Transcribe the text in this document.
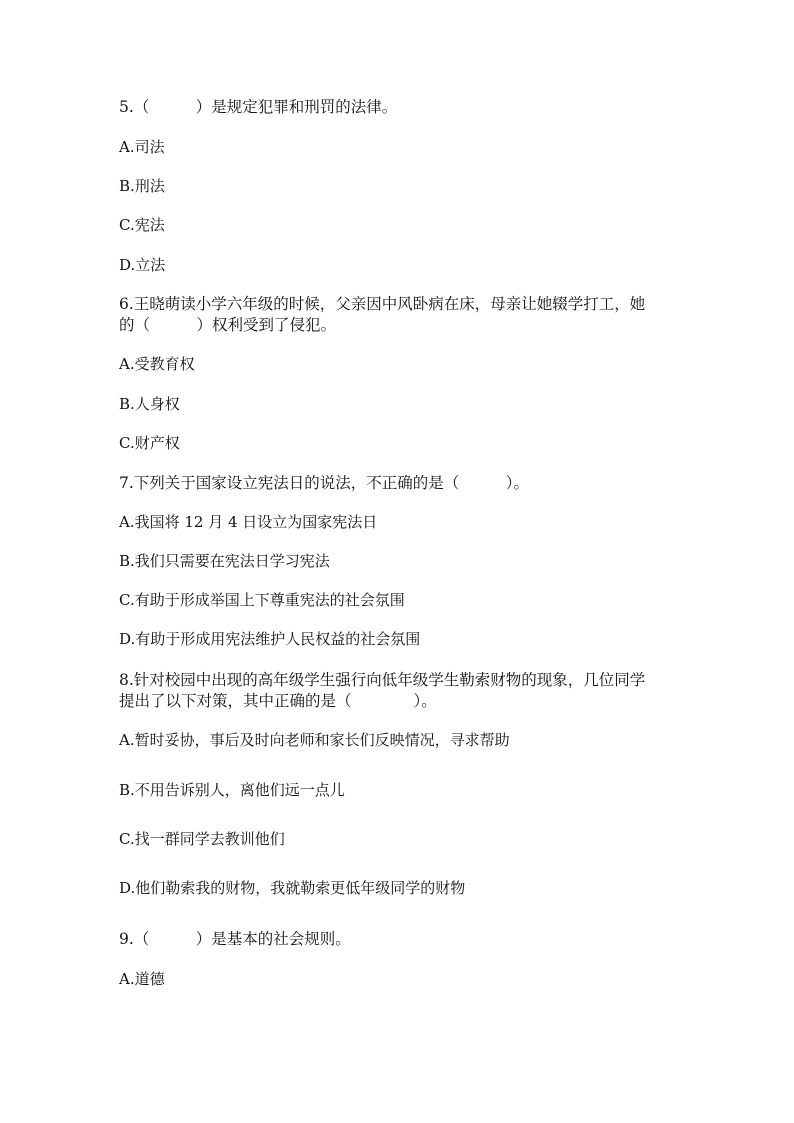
5.（　　　）是规定犯罪和刑罚的法律。
A.司法
B.刑法
C.宪法
D.立法
6.王晓萌读小学六年级的时候，父亲因中风卧病在床，母亲让她辍学打工，她
的（　　　）权利受到了侵犯。
A.受教育权
B.人身权
C.财产权
7.下列关于国家设立宪法日的说法，不正确的是（　　　）。
A.我国将 12 月 4 日设立为国家宪法日
B.我们只需要在宪法日学习宪法
C.有助于形成举国上下尊重宪法的社会氛围
D.有助于形成用宪法维护人民权益的社会氛围
8.针对校园中出现的高年级学生强行向低年级学生勒索财物的现象，几位同学
提出了以下对策，其中正确的是（　　　　）。
A.暂时妥协，事后及时向老师和家长们反映情况，寻求帮助
B.不用告诉别人，离他们远一点儿
C.找一群同学去教训他们
D.他们勒索我的财物，我就勒索更低年级同学的财物
9.（　　　）是基本的社会规则。
A.道德
